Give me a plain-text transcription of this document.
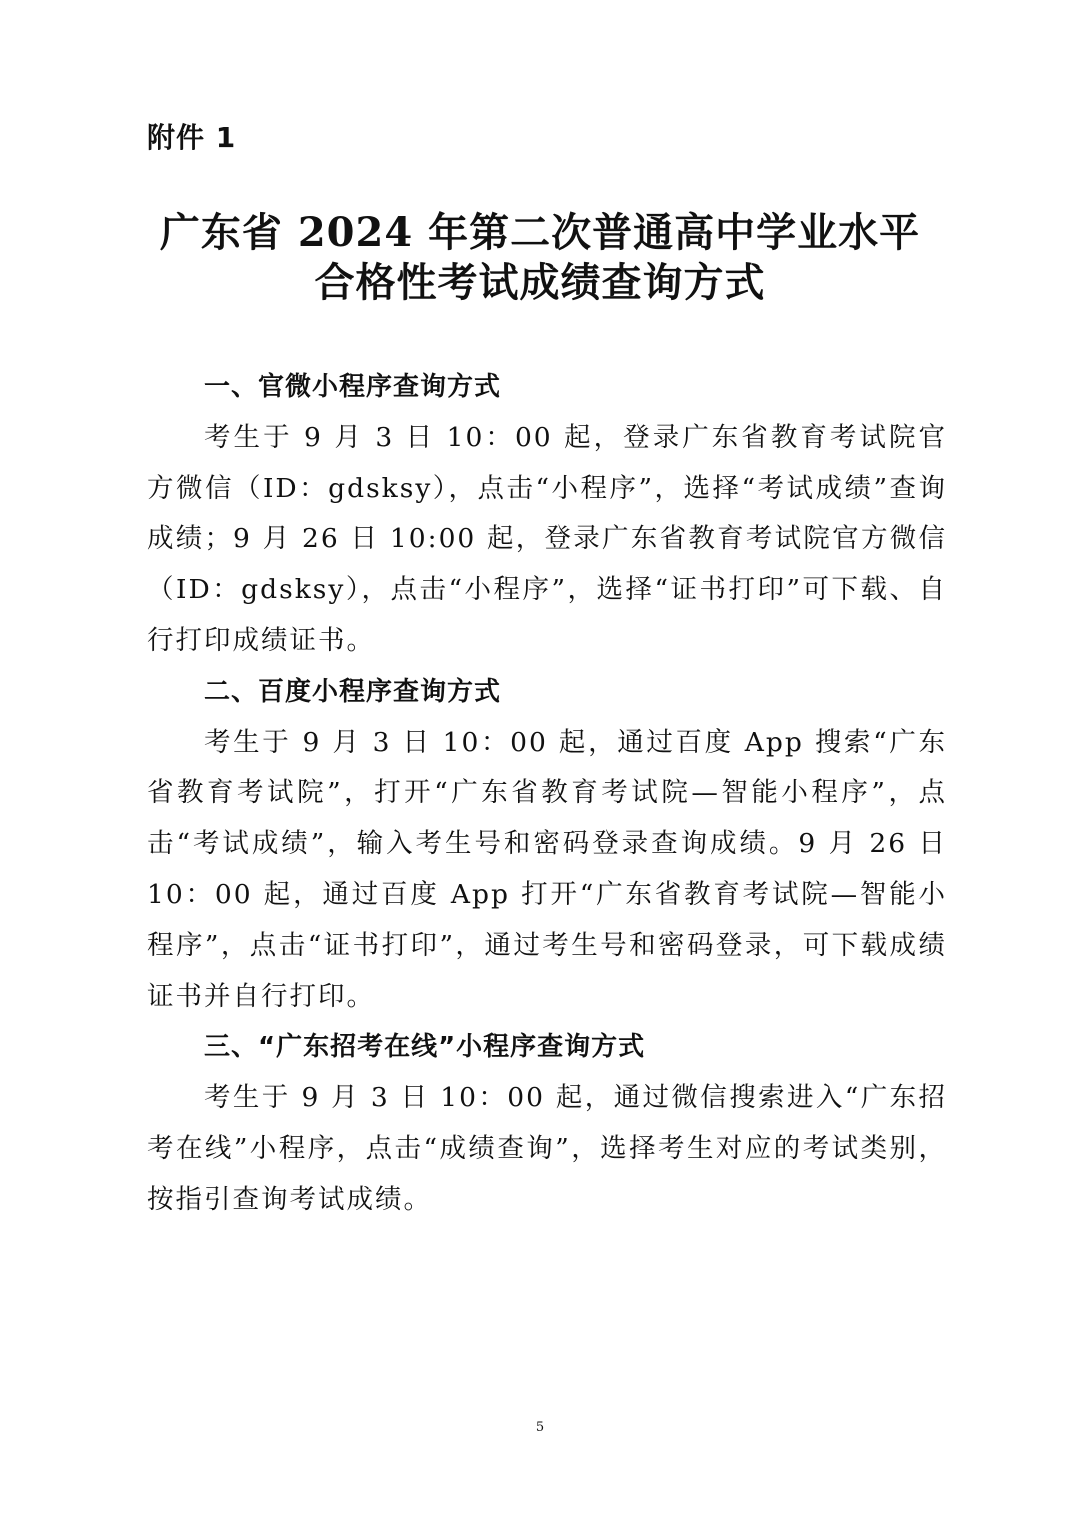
附件 1
广东省 2024 年第二次普通高中学业水平
合格性考试成绩查询方式
一、官微小程序查询方式

考生于 9 月 3 日 10：00 起，登录广东省教育考试院官方微信（ID：gdsksy），点击“小程序”，选择“考试成绩”查询成绩；9 月 26 日 10:00 起，登录广东省教育考试院官方微信（ID：gdsksy），点击“小程序”，选择“证书打印”可下载、自行打印成绩证书。

二、百度小程序查询方式

考生于 9 月 3 日 10：00 起，通过百度 App 搜索“广东省教育考试院”，打开“广东省教育考试院—智能小程序”，点击“考试成绩”，输入考生号和密码登录查询成绩。9 月 26 日 10：00 起，通过百度 App 打开“广东省教育考试院—智能小程序”，点击“证书打印”，通过考生号和密码登录，可下载成绩证书并自行打印。

三、“广东招考在线”小程序查询方式

考生于 9 月 3 日 10：00 起，通过微信搜索进入“广东招考在线”小程序，点击“成绩查询”，选择考生对应的考试类别，按指引查询考试成绩。

5
